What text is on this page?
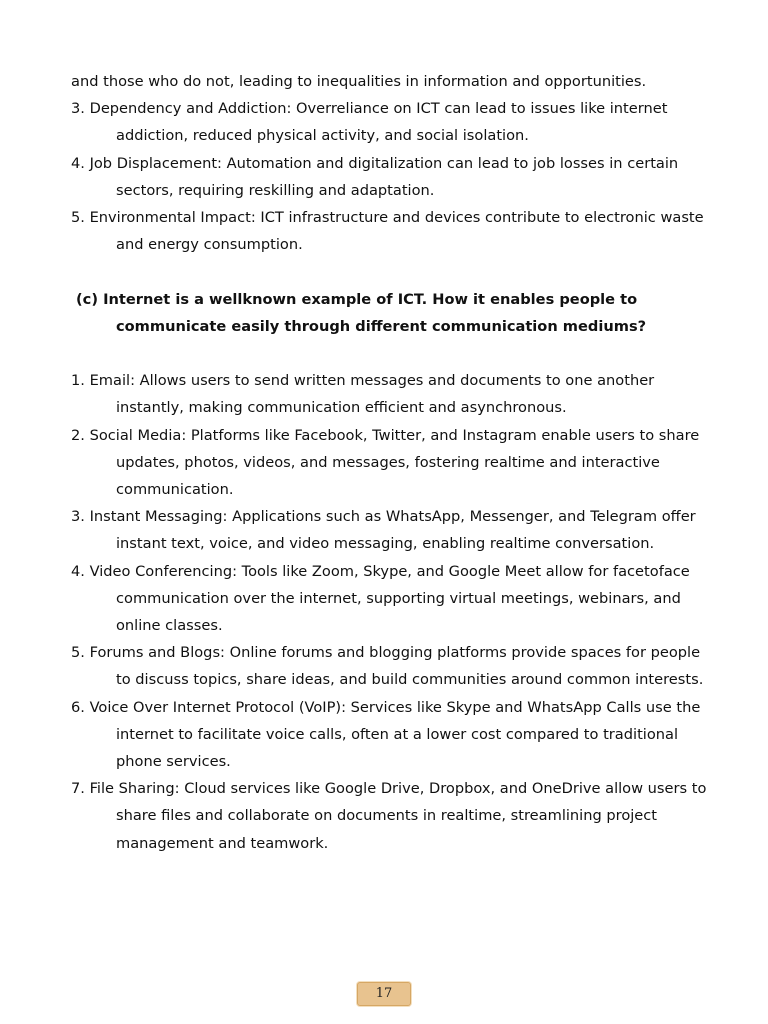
and those who do not, leading to inequalities in information and opportunities.

3. Dependency and Addiction: Overreliance on ICT can lead to issues like internet addiction, reduced physical activity, and social isolation.

4. Job Displacement: Automation and digitalization can lead to job losses in certain sectors, requiring reskilling and adaptation.

5. Environmental Impact: ICT infrastructure and devices contribute to electronic waste and energy consumption.

(c) Internet is a wellknown example of ICT. How it enables people to communicate easily through different communication mediums?

1. Email: Allows users to send written messages and documents to one another instantly, making communication efficient and asynchronous.

2. Social Media: Platforms like Facebook, Twitter, and Instagram enable users to share updates, photos, videos, and messages, fostering realtime and interactive communication.

3. Instant Messaging: Applications such as WhatsApp, Messenger, and Telegram offer instant text, voice, and video messaging, enabling realtime conversation.

4. Video Conferencing: Tools like Zoom, Skype, and Google Meet allow for facetoface communication over the internet, supporting virtual meetings, webinars, and online classes.

5. Forums and Blogs: Online forums and blogging platforms provide spaces for people to discuss topics, share ideas, and build communities around common interests.

6. Voice Over Internet Protocol (VoIP): Services like Skype and WhatsApp Calls use the internet to facilitate voice calls, often at a lower cost compared to traditional phone services.

7. File Sharing: Cloud services like Google Drive, Dropbox, and OneDrive allow users to share files and collaborate on documents in realtime, streamlining project management and teamwork.

17
